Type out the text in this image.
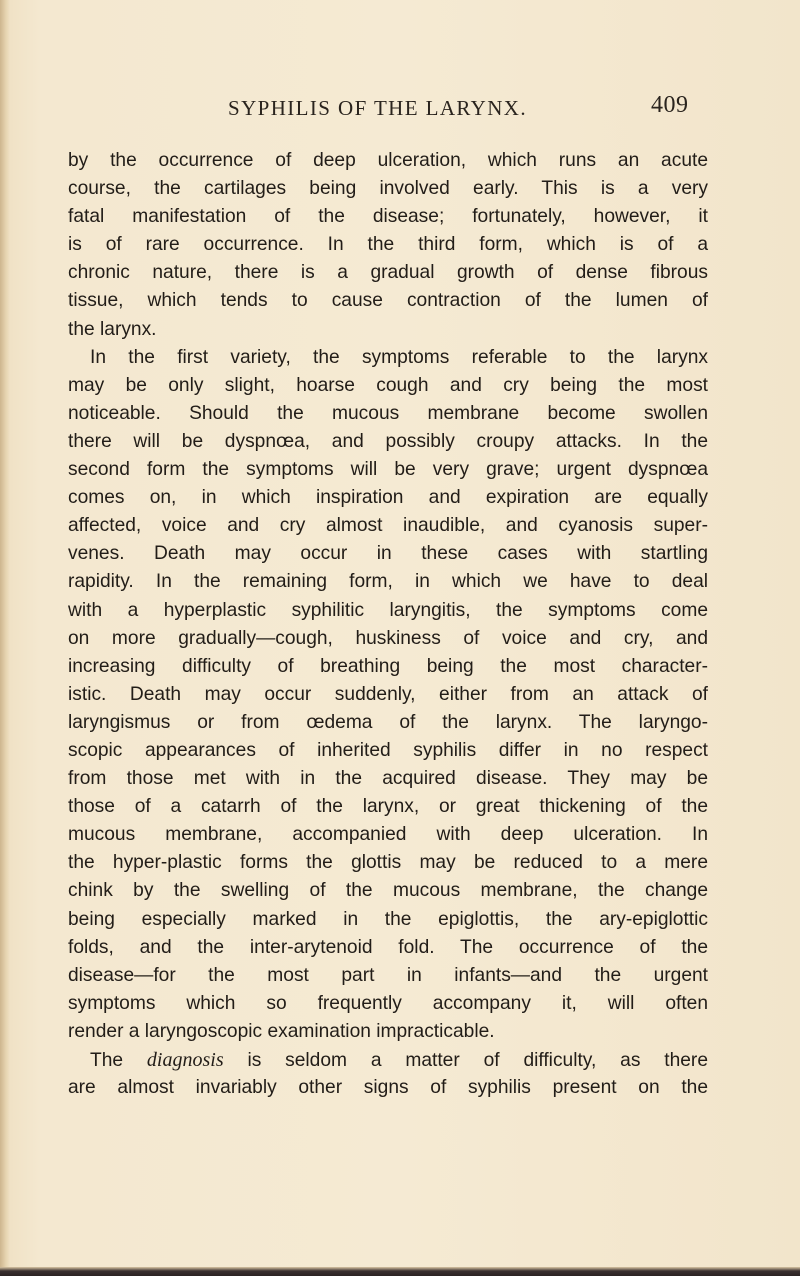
SYPHILIS OF THE LARYNX.	409
by the occurrence of deep ulceration, which runs an acute
course, the cartilages being involved early. This is a very
fatal manifestation of the disease; fortunately, however, it
is of rare occurrence. In the third form, which is of a
chronic nature, there is a gradual growth of dense fibrous
tissue, which tends to cause contraction of the lumen of
the larynx.
In the first variety, the symptoms referable to the larynx
may be only slight, hoarse cough and cry being the most
noticeable. Should the mucous membrane become swollen
there will be dyspnœa, and possibly croupy attacks. In the
second form the symptoms will be very grave; urgent dyspnœa
comes on, in which inspiration and expiration are equally
affected, voice and cry almost inaudible, and cyanosis super-
venes. Death may occur in these cases with startling
rapidity. In the remaining form, in which we have to deal
with a hyperplastic syphilitic laryngitis, the symptoms come
on more gradually—cough, huskiness of voice and cry, and
increasing difficulty of breathing being the most character-
istic. Death may occur suddenly, either from an attack of
laryngismus or from œdema of the larynx. The laryngo-
scopic appearances of inherited syphilis differ in no respect
from those met with in the acquired disease. They may be
those of a catarrh of the larynx, or great thickening of the
mucous membrane, accompanied with deep ulceration. In
the hyper-plastic forms the glottis may be reduced to a mere
chink by the swelling of the mucous membrane, the change
being especially marked in the epiglottis, the ary-epiglottic
folds, and the inter-arytenoid fold. The occurrence of the
disease—for the most part in infants—and the urgent
symptoms which so frequently accompany it, will often
render a laryngoscopic examination impracticable.
The diagnosis is seldom a matter of difficulty, as there
are almost invariably other signs of syphilis present on the
